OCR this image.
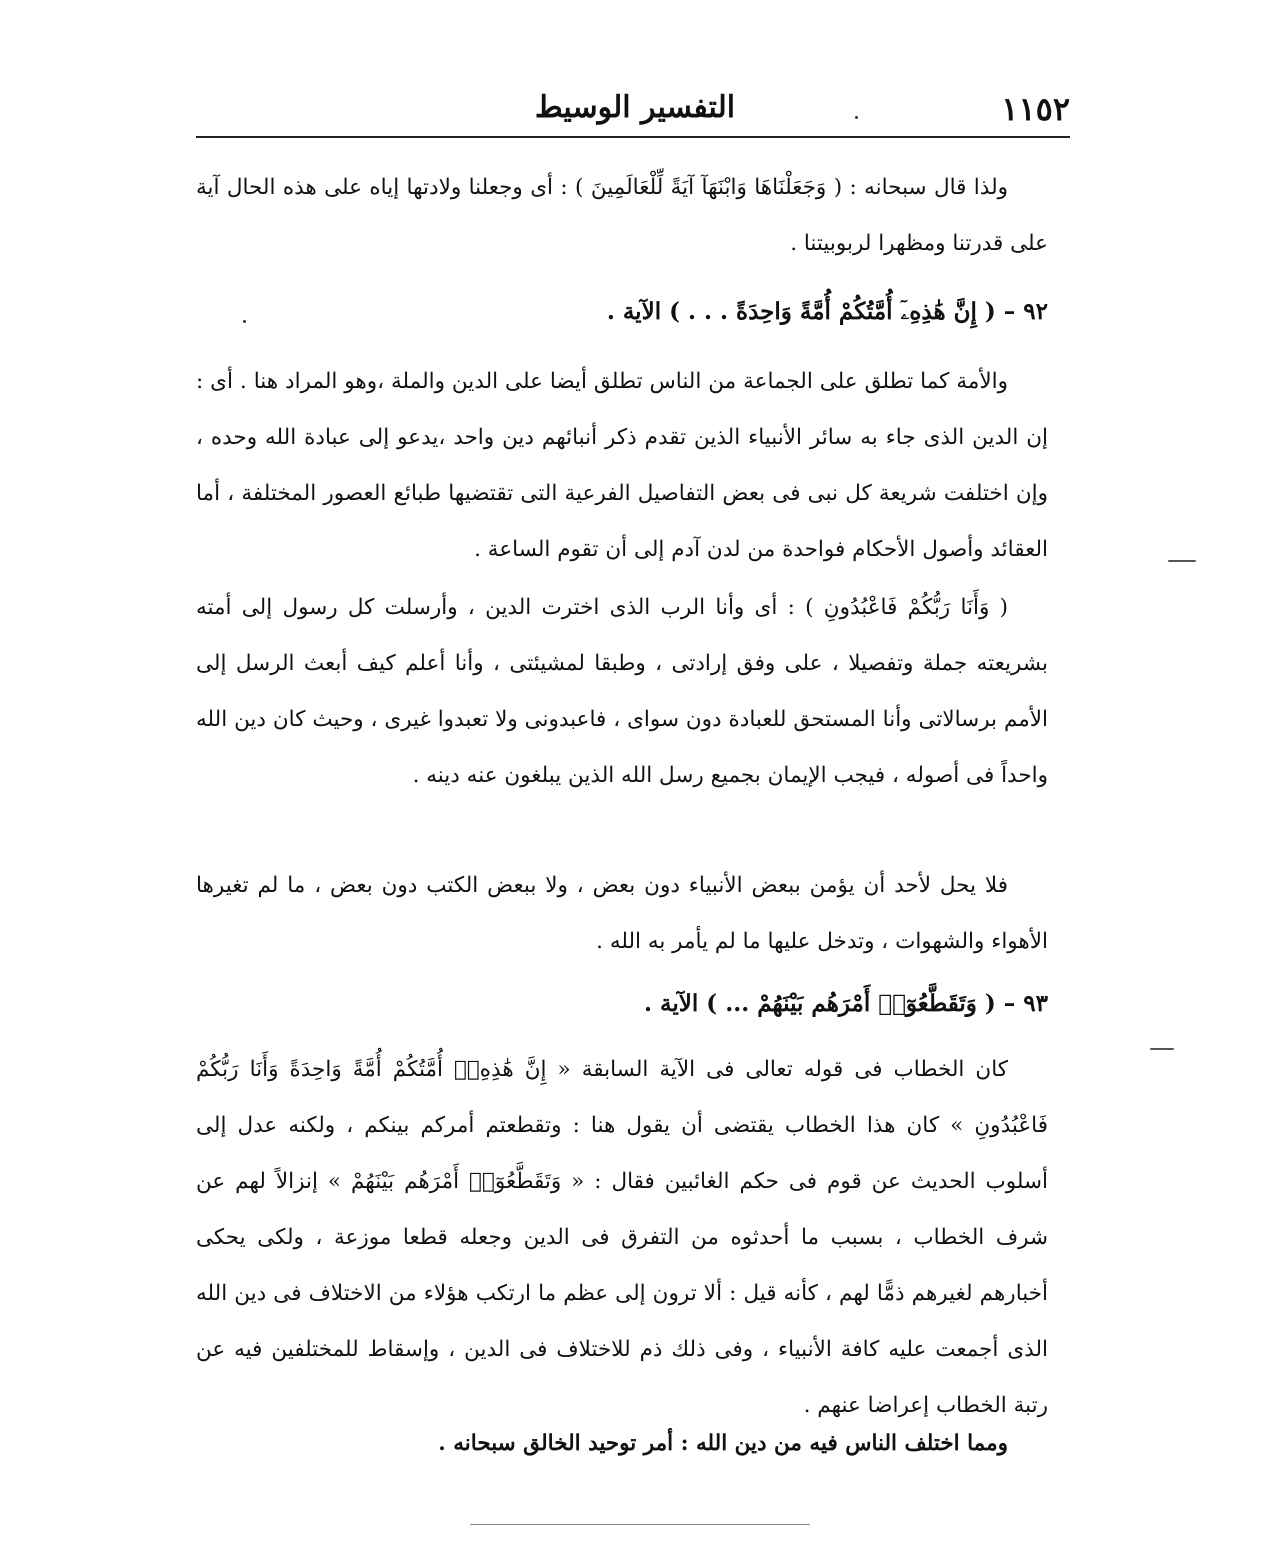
١١٥٢
التفسير الوسيط

ولذا قال سبحانه : ( وَجَعَلْنَاهَا وَابْنَهَآ آيَةً لِّلْعَالَمِينَ ) : أى وجعلنا ولادتها إياه على هذه الحال آية على قدرتنا ومظهرا لربوبيتنا .

٩٢ – ( إِنَّ هَٰذِهِۦٓ أُمَّتُكُمْ أُمَّةً وَاحِدَةً . . . ) الآية .

والأمة كما تطلق على الجماعة من الناس تطلق أيضا على الدين والملة ،وهو المراد هنا . أى : إن الدين الذى جاء به سائر الأنبياء الذين تقدم ذكر أنبائهم دين واحد ،يدعو إلى عبادة الله وحده ، وإن اختلفت شريعة كل نبى فى بعض التفاصيل الفرعية التى تقتضيها طبائع العصور المختلفة ، أما العقائد وأصول الأحكام فواحدة من لدن آدم إلى أن تقوم الساعة .

( وَأَنَا رَبُّكُمْ فَاعْبُدُونِ ) : أى وأنا الرب الذى اخترت الدين ، وأرسلت كل رسول إلى أمته بشريعته جملة وتفصيلا ، على وفق إرادتى ، وطبقا لمشيئتى ، وأنا أعلم كيف أبعث الرسل إلى الأمم برسالاتى وأنا المستحق للعبادة دون سواى ، فاعبدونى ولا تعبدوا غيرى ، وحيث كان دين الله واحداً فى أصوله ، فيجب الإيمان بجميع رسل الله الذين يبلغون عنه دينه .

فلا يحل لأحد أن يؤمن ببعض الأنبياء دون بعض ، ولا ببعض الكتب دون بعض ، ما لم تغيرها الأهواء والشهوات ، وتدخل عليها ما لم يأمر به الله .

٩٣ – ( وَتَقَطَّعُوٓا۟ أَمْرَهُم بَيْنَهُمْ ... ) الآية .

كان الخطاب فى قوله تعالى فى الآية السابقة « إِنَّ هَٰذِهِۦٓ أُمَّتُكُمْ أُمَّةً وَاحِدَةً وَأَنَا رَبُّكُمْ فَاعْبُدُونِ » كان هذا الخطاب يقتضى أن يقول هنا : وتقطعتم أمركم بينكم ، ولكنه عدل إلى أسلوب الحديث عن قوم فى حكم الغائبين فقال : « وَتَقَطَّعُوٓا۟ أَمْرَهُم بَيْنَهُمْ » إنزالاً لهم عن شرف الخطاب ، بسبب ما أحدثوه من التفرق فى الدين وجعله قطعا موزعة ، ولكى يحكى أخبارهم لغيرهم ذمًّا لهم ، كأنه قيل : ألا ترون إلى عظم ما ارتكب هؤلاء من الاختلاف فى دين الله الذى أجمعت عليه كافة الأنبياء ، وفى ذلك ذم للاختلاف فى الدين ، وإسقاط للمختلفين فيه عن رتبة الخطاب إعراضا عنهم .

ومما اختلف الناس فيه من دين الله : أمر توحيد الخالق سبحانه .
